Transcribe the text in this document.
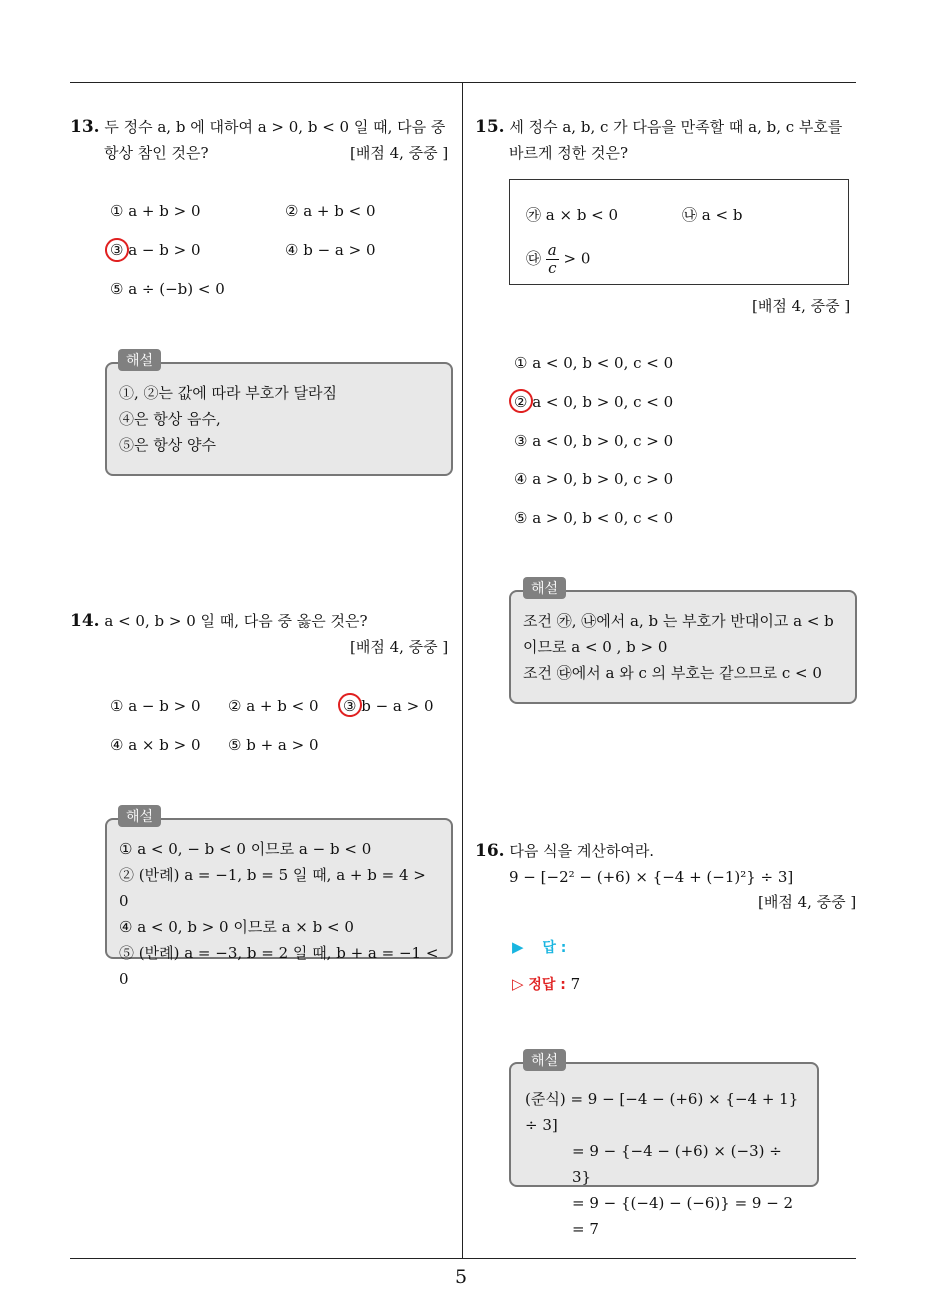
13. 두 정수 a, b 에 대하여 a > 0, b < 0 일 때, 다음 중
항상 참인 것은?	[배점 4, 중중 ]
① a + b > 0	② a + b < 0
③ a − b > 0	④ b − a > 0
⑤ a ÷ (−b) < 0
①, ②는 값에 따라 부호가 달라짐
④은 항상 음수,
⑤은 항상 양수
해설
14. a < 0, b > 0 일 때, 다음 중 옳은 것은?
[배점 4, 중중 ]
① a − b > 0 ② a + b < 0 ③ b − a > 0
④ a × b > 0 ⑤ b + a > 0
① a < 0, − b < 0 이므로 a − b < 0
② (반례) a = −1, b = 5 일 때, a + b = 4 > 0
④ a < 0, b > 0 이므로 a × b < 0
⑤ (반례) a = −3, b = 2 일 때, b + a = −1 < 0
해설
15. 세 정수 a, b, c 가 다음을 만족할 때 a, b, c 부호를
바르게 정한 것은?
㉮ a × b < 0	㉯ a < b
㉰ $\frac{a}{c} > 0$
[배점 4, 중중 ]
① a < 0, b < 0, c < 0
② a < 0, b > 0, c < 0
③ a < 0, b > 0, c > 0
④ a > 0, b > 0, c > 0
⑤ a > 0, b < 0, c < 0
조건 ㉮, ㉯에서 a, b 는 부호가 반대이고 a < b
이므로 a < 0 , b > 0
조건 ㉰에서 a 와 c 의 부호는 같으므로 c < 0
해설
16. 다음 식을 계산하여라.
9 − [−2² − (+6) × {−4 + (−1)²} ÷ 3]
[배점 4, 중중 ]
▶ 답 :
▷ 정답 : 7
(준식) = 9 − [−4 − (+6) × {−4 + 1} ÷ 3]
= 9 − {−4 − (+6) × (−3) ÷ 3}
= 9 − {(−4) − (−6)} = 9 − 2 = 7
해설
5
